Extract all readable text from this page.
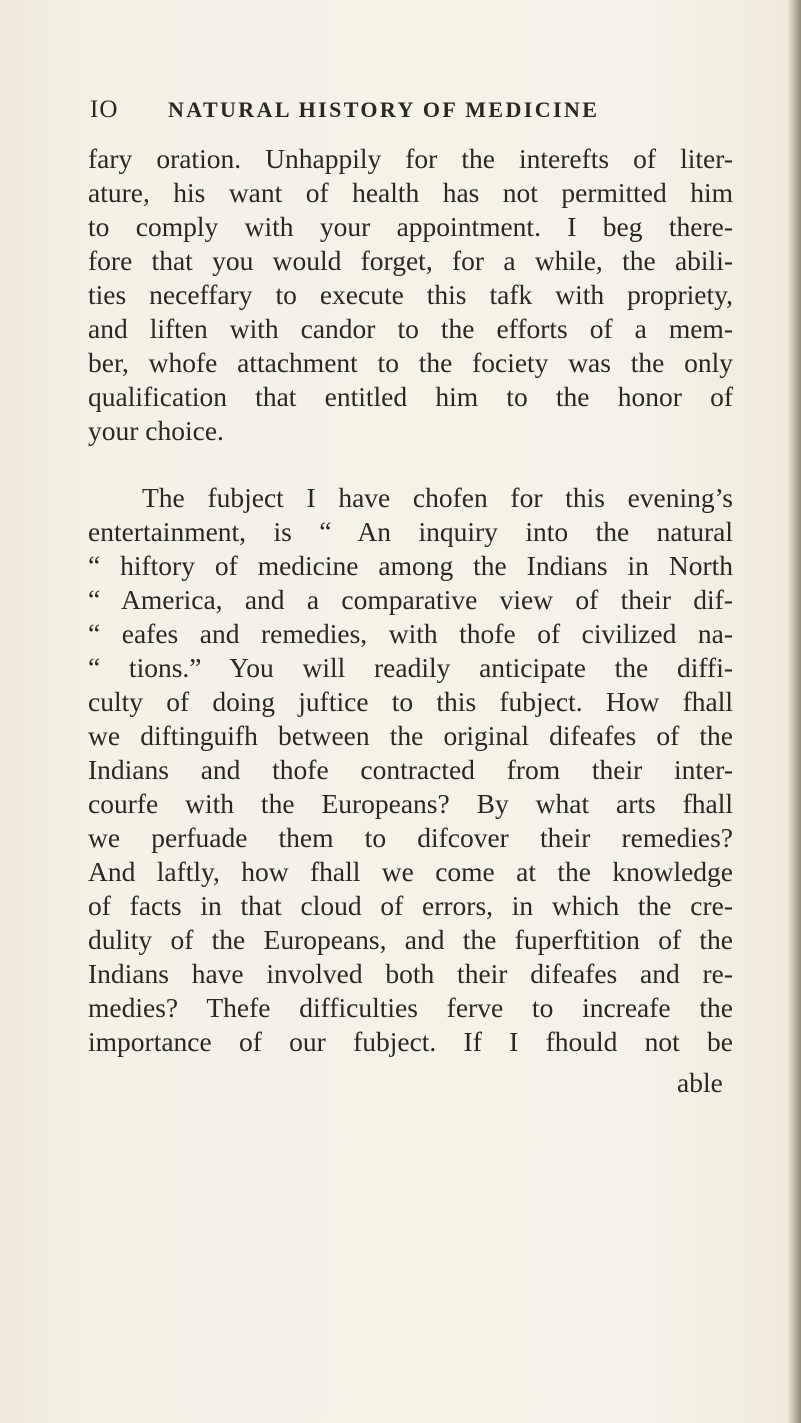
IO NATURAL HISTORY OF MEDICINE
fary oration. Unhappily for the interefts of liter-
ature, his want of health has not permitted him
to comply with your appointment. I beg there-
fore that you would forget, for a while, the abili-
ties neceffary to execute this tafk with propriety,
and liften with candor to the efforts of a mem-
ber, whofe attachment to the fociety was the only
qualification that entitled him to the honor of
your choice.
The fubject I have chofen for this evening’s
entertainment, is “ An inquiry into the natural
“ hiftory of medicine among the Indians in North
“ America, and a comparative view of their dif-
“ eafes and remedies, with thofe of civilized na-
“ tions.” You will readily anticipate the diffi-
culty of doing juftice to this fubject. How fhall
we diftinguifh between the original difeafes of the
Indians and thofe contracted from their inter-
courfe with the Europeans? By what arts fhall
we perfuade them to difcover their remedies?
And laftly, how fhall we come at the knowledge
of facts in that cloud of errors, in which the cre-
dulity of the Europeans, and the fuperftition of the
Indians have involved both their difeafes and re-
medies? Thefe difficulties ferve to increafe the
importance of our fubject. If I fhould not be
able
